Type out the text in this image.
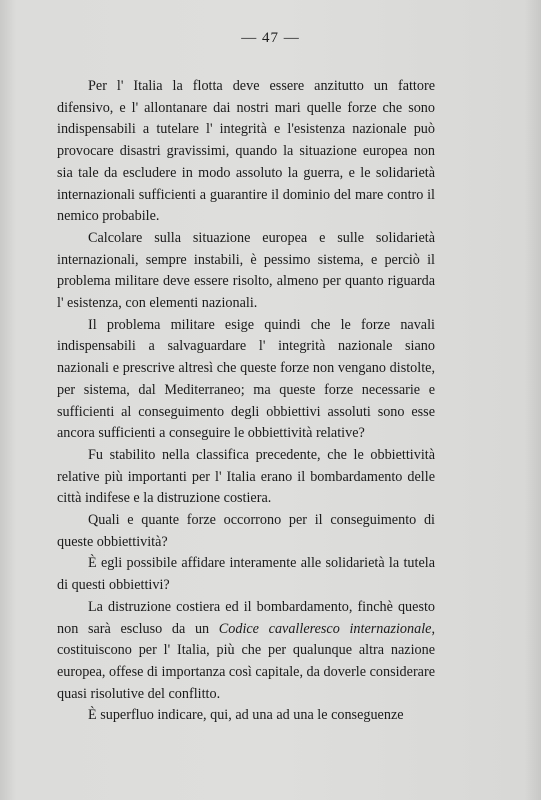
— 47 —

Per l' Italia la flotta deve essere anzitutto un fattore difensivo, e l' allontanare dai nostri mari quelle forze che sono indispensabili a tutelare l' integrità e l'esistenza nazionale può provocare disastri gravissimi, quando la situazione europea non sia tale da escludere in modo assoluto la guerra, e le solidarietà internazionali sufficienti a guarantire il dominio del mare contro il nemico probabile.

Calcolare sulla situazione europea e sulle solidarietà internazionali, sempre instabili, è pessimo sistema, e perciò il problema militare deve essere risolto, almeno per quanto riguarda l' esistenza, con elementi nazionali.

Il problema militare esige quindi che le forze navali indispensabili a salvaguardare l' integrità nazionale siano nazionali e prescrive altresì che queste forze non vengano distolte, per sistema, dal Mediterraneo; ma queste forze necessarie e sufficienti al conseguimento degli obbiettivi assoluti sono esse ancora sufficienti a conseguire le obbiettività relative?

Fu stabilito nella classifica precedente, che le obbiettività relative più importanti per l' Italia erano il bombardamento delle città indifese e la distruzione costiera.

Quali e quante forze occorrono per il conseguimento di queste obbiettività?

È egli possibile affidare interamente alle solidarietà la tutela di questi obbiettivi?

La distruzione costiera ed il bombardamento, finchè questo non sarà escluso da un Codice cavalleresco internazionale, costituiscono per l' Italia, più che per qualunque altra nazione europea, offese di importanza così capitale, da doverle considerare quasi risolutive del conflitto.

È superfluo indicare, qui, ad una ad una le conseguenze
